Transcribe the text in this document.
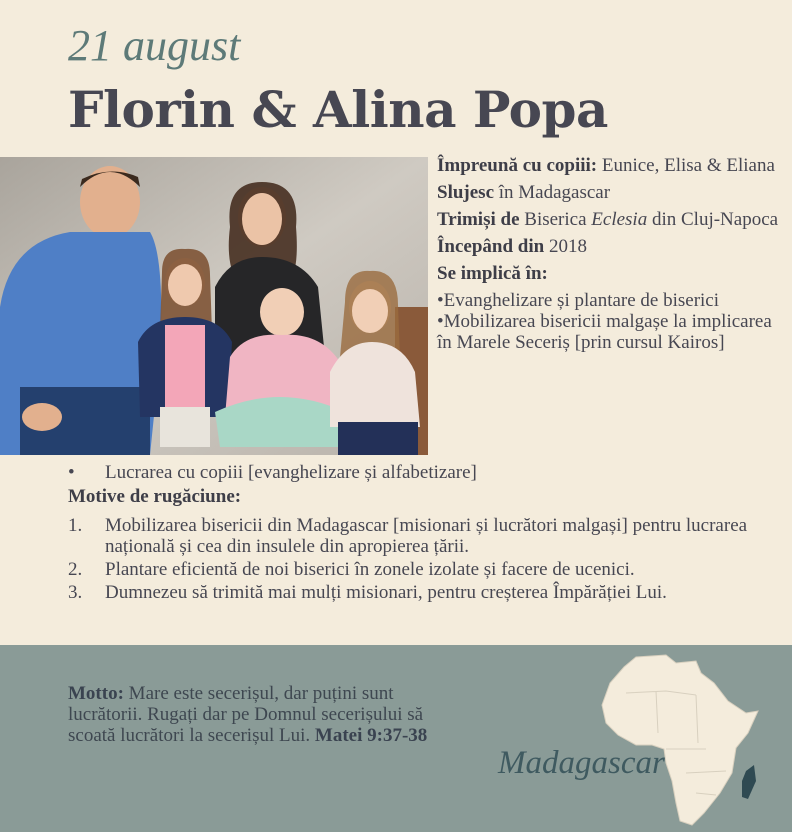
21 august
Florin & Alina Popa

Împreună cu copiii: Eunice, Elisa & Eliana

Slujesc în Madagascar

Trimiși de Biserica Eclesia din Cluj-Napoca

Începând din 2018

Se implică în:

•Evanghelizare și plantare de biserici

•Mobilizarea bisericii malgașe la implicarea în Marele Seceriș [prin cursul Kairos]

• Lucrarea cu copiii [evanghelizare și alfabetizare]
Motive de rugăciune:
1. Mobilizarea bisericii din Madagascar [misionari și lucrători malgași] pentru lucrarea națională și cea din insulele din apropierea țării.
2. Plantare eficientă de noi biserici în zonele izolate și facere de ucenici.
3. Dumnezeu să trimită mai mulți misionari, pentru creșterea Împărăției Lui.
Motto: Mare este secerișul, dar puțini sunt lucrătorii. Rugați dar pe Domnul secerișului să scoată lucrători la secerișul Lui. Matei 9:37-38
Madagascar
